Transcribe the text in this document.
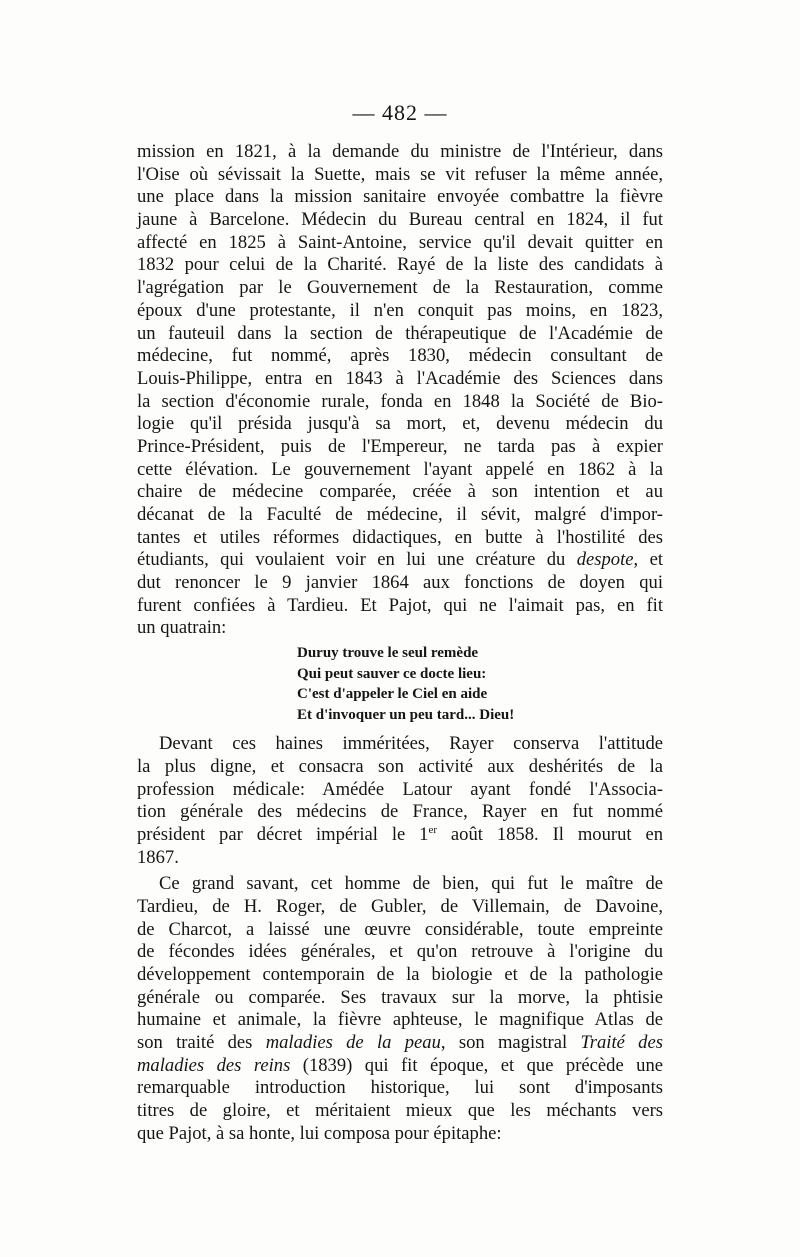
— 482 —
mission en 1821, à la demande du ministre de l'Intérieur, dans
l'Oise où sévissait la Suette, mais se vit refuser la même année,
une place dans la mission sanitaire envoyée combattre la fièvre
jaune à Barcelone. Médecin du Bureau central en 1824, il fut
affecté en 1825 à Saint-Antoine, service qu'il devait quitter en
1832 pour celui de la Charité. Rayé de la liste des candidats à
l'agrégation par le Gouvernement de la Restauration, comme
époux d'une protestante, il n'en conquit pas moins, en 1823,
un fauteuil dans la section de thérapeutique de l'Académie de
médecine, fut nommé, après 1830, médecin consultant de
Louis-Philippe, entra en 1843 à l'Académie des Sciences dans
la section d'économie rurale, fonda en 1848 la Société de Bio-
logie qu'il présida jusqu'à sa mort, et, devenu médecin du
Prince-Président, puis de l'Empereur, ne tarda pas à expier
cette élévation. Le gouvernement l'ayant appelé en 1862 à la
chaire de médecine comparée, créée à son intention et au
décanat de la Faculté de médecine, il sévit, malgré d'impor-
tantes et utiles réformes didactiques, en butte à l'hostilité des
étudiants, qui voulaient voir en lui une créature du despote, et
dut renoncer le 9 janvier 1864 aux fonctions de doyen qui
furent confiées à Tardieu. Et Pajot, qui ne l'aimait pas, en fit
un quatrain:
Duruy trouve le seul remède
Qui peut sauver ce docte lieu:
C'est d'appeler le Ciel en aide
Et d'invoquer un peu tard... Dieu!
Devant ces haines imméritées, Rayer conserva l'attitude
la plus digne, et consacra son activité aux deshérités de la
profession médicale: Amédée Latour ayant fondé l'Associa-
tion générale des médecins de France, Rayer en fut nommé
président par décret impérial le 1er août 1858. Il mourut en
1867.
Ce grand savant, cet homme de bien, qui fut le maître de
Tardieu, de H. Roger, de Gubler, de Villemain, de Davoine,
de Charcot, a laissé une œuvre considérable, toute empreinte
de fécondes idées générales, et qu'on retrouve à l'origine du
développement contemporain de la biologie et de la pathologie
générale ou comparée. Ses travaux sur la morve, la phtisie
humaine et animale, la fièvre aphteuse, le magnifique Atlas de
son traité des maladies de la peau, son magistral Traité des
maladies des reins (1839) qui fit époque, et que précède une
remarquable introduction historique, lui sont d'imposants
titres de gloire, et méritaient mieux que les méchants vers
que Pajot, à sa honte, lui composa pour épitaphe:
